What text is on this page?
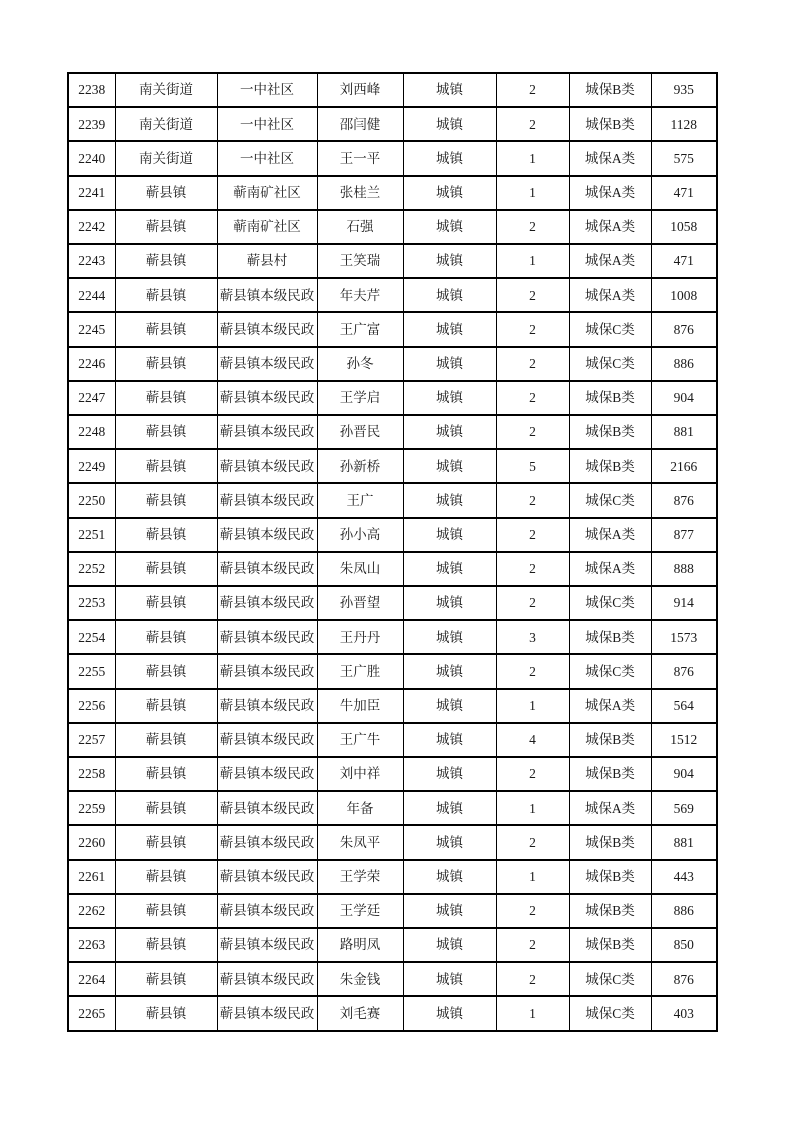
2238	南关街道	一中社区	刘西峰	城镇	2	城保B类	935
2239	南关街道	一中社区	邵闫健	城镇	2	城保B类	1128
2240	南关街道	一中社区	王一平	城镇	1	城保A类	575
2241	蕲县镇	蕲南矿社区	张桂兰	城镇	1	城保A类	471
2242	蕲县镇	蕲南矿社区	石强	城镇	2	城保A类	1058
2243	蕲县镇	蕲县村	王笑瑞	城镇	1	城保A类	471
2244	蕲县镇	蕲县镇本级民政	年夫芹	城镇	2	城保A类	1008
2245	蕲县镇	蕲县镇本级民政	王广富	城镇	2	城保C类	876
2246	蕲县镇	蕲县镇本级民政	孙冬	城镇	2	城保C类	886
2247	蕲县镇	蕲县镇本级民政	王学启	城镇	2	城保B类	904
2248	蕲县镇	蕲县镇本级民政	孙晋民	城镇	2	城保B类	881
2249	蕲县镇	蕲县镇本级民政	孙新桥	城镇	5	城保B类	2166
2250	蕲县镇	蕲县镇本级民政	王广	城镇	2	城保C类	876
2251	蕲县镇	蕲县镇本级民政	孙小高	城镇	2	城保A类	877
2252	蕲县镇	蕲县镇本级民政	朱凤山	城镇	2	城保A类	888
2253	蕲县镇	蕲县镇本级民政	孙晋望	城镇	2	城保C类	914
2254	蕲县镇	蕲县镇本级民政	王丹丹	城镇	3	城保B类	1573
2255	蕲县镇	蕲县镇本级民政	王广胜	城镇	2	城保C类	876
2256	蕲县镇	蕲县镇本级民政	牛加臣	城镇	1	城保A类	564
2257	蕲县镇	蕲县镇本级民政	王广牛	城镇	4	城保B类	1512
2258	蕲县镇	蕲县镇本级民政	刘中祥	城镇	2	城保B类	904
2259	蕲县镇	蕲县镇本级民政	年备	城镇	1	城保A类	569
2260	蕲县镇	蕲县镇本级民政	朱凤平	城镇	2	城保B类	881
2261	蕲县镇	蕲县镇本级民政	王学荣	城镇	1	城保B类	443
2262	蕲县镇	蕲县镇本级民政	王学廷	城镇	2	城保B类	886
2263	蕲县镇	蕲县镇本级民政	路明凤	城镇	2	城保B类	850
2264	蕲县镇	蕲县镇本级民政	朱金钱	城镇	2	城保C类	876
2265	蕲县镇	蕲县镇本级民政	刘毛赛	城镇	1	城保C类	403
